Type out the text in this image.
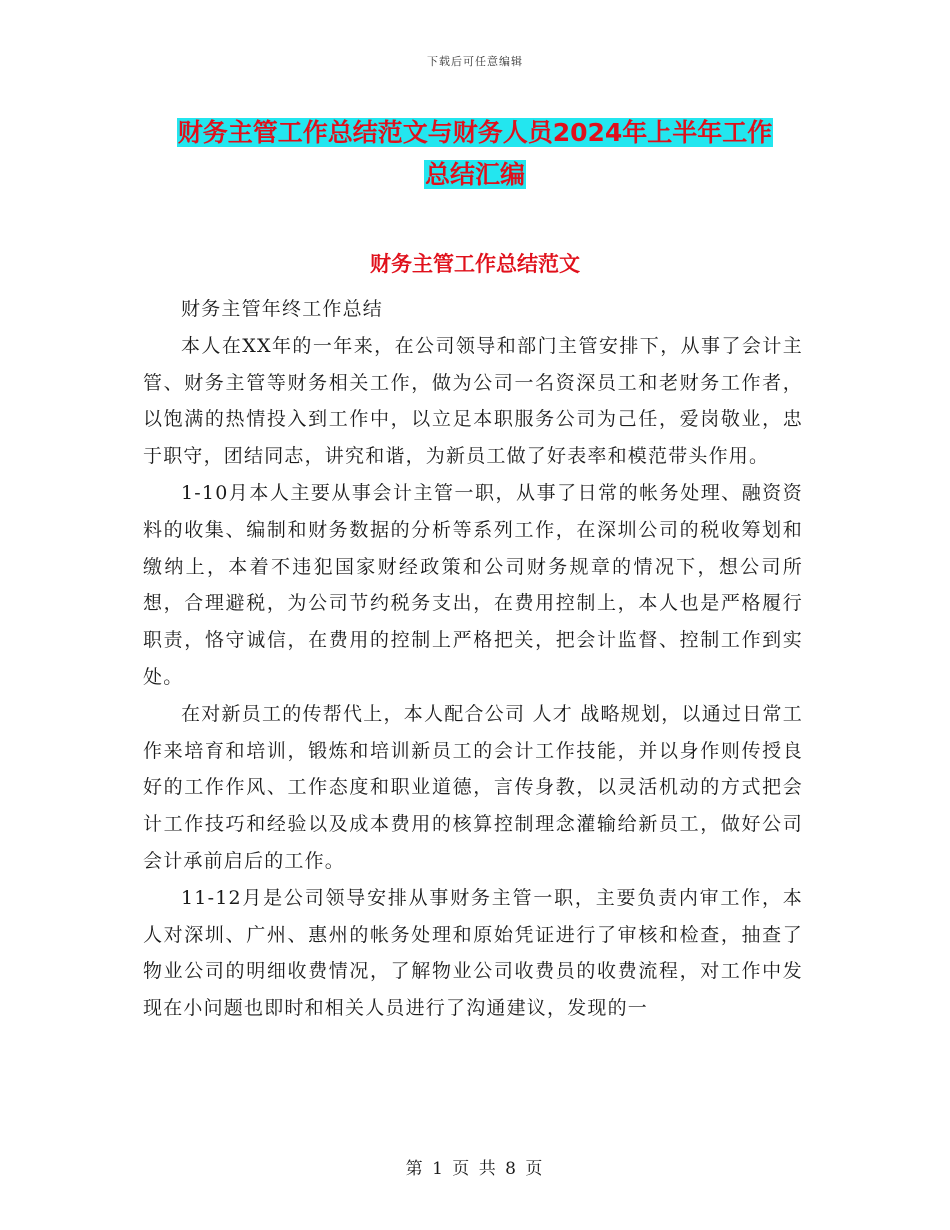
下载后可任意编辑
财务主管工作总结范文与财务人员2024年上半年工作
总结汇编
财务主管工作总结范文

财务主管年终工作总结

本人在XX年的一年来，在公司领导和部门主管安排下，从事了会计主管、财务主管等财务相关工作，做为公司一名资深员工和老财务工作者，以饱满的热情投入到工作中，以立足本职服务公司为己任，爱岗敬业，忠于职守，团结同志，讲究和谐，为新员工做了好表率和模范带头作用。

1-10月本人主要从事会计主管一职，从事了日常的帐务处理、融资资料的收集、编制和财务数据的分析等系列工作，在深圳公司的税收筹划和缴纳上，本着不违犯国家财经政策和公司财务规章的情况下，想公司所想，合理避税，为公司节约税务支出，在费用控制上，本人也是严格履行职责，恪守诚信，在费用的控制上严格把关，把会计监督、控制工作到实处。

在对新员工的传帮代上，本人配合公司 人才 战略规划，以通过日常工作来培育和培训，锻炼和培训新员工的会计工作技能，并以身作则传授良好的工作作风、工作态度和职业道德，言传身教，以灵活机动的方式把会计工作技巧和经验以及成本费用的核算控制理念灌输给新员工，做好公司会计承前启后的工作。

11-12月是公司领导安排从事财务主管一职，主要负责内审工作，本人对深圳、广州、惠州的帐务处理和原始凭证进行了审核和检查，抽查了物业公司的明细收费情况，了解物业公司收费员的收费流程，对工作中发现在小问题也即时和相关人员进行了沟通建议，发现的一

第 1 页 共 8 页
